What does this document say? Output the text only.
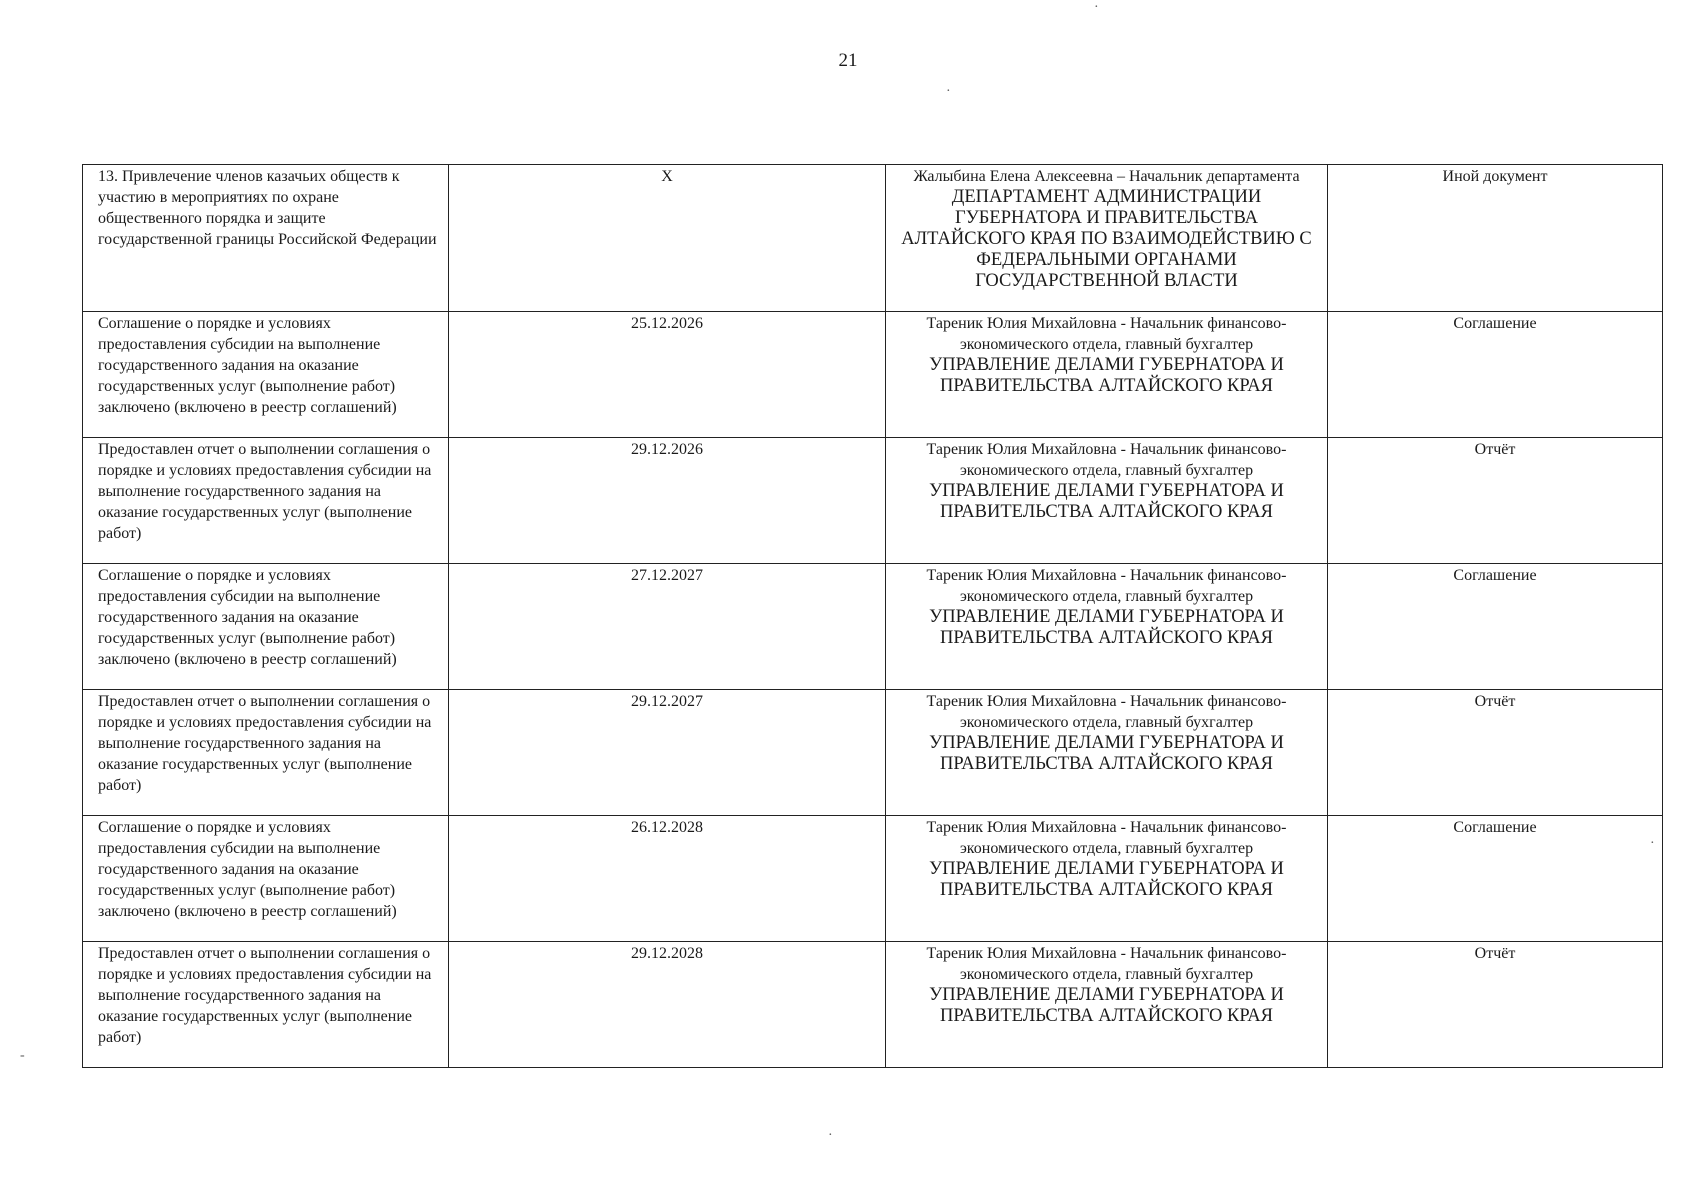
21
13. Привлечение членов казачьих обществ к участию в мероприятиях по охране общественного порядка и защите государственной границы Российской Федерации	X	Жалыбина Елена Алексеевна – Начальник департамента
ДЕПАРТАМЕНТ АДМИНИСТРАЦИИ ГУБЕРНАТОРА И ПРАВИТЕЛЬСТВА АЛТАЙСКОГО КРАЯ ПО ВЗАИМОДЕЙСТВИЮ С ФЕДЕРАЛЬНЫМИ ОРГАНАМИ ГОСУДАРСТВЕННОЙ ВЛАСТИ	Иной документ
Соглашение о порядке и условиях предоставления субсидии на выполнение государственного задания на оказание государственных услуг (выполнение работ) заключено (включено в реестр соглашений)	25.12.2026	Тареник Юлия Михайловна - Начальник финансово-экономического отдела, главный бухгалтер
УПРАВЛЕНИЕ ДЕЛАМИ ГУБЕРНАТОРА И ПРАВИТЕЛЬСТВА АЛТАЙСКОГО КРАЯ	Соглашение
Предоставлен отчет о выполнении соглашения о порядке и условиях предоставления субсидии на выполнение государственного задания на оказание государственных услуг (выполнение работ)	29.12.2026	Тареник Юлия Михайловна - Начальник финансово-экономического отдела, главный бухгалтер
УПРАВЛЕНИЕ ДЕЛАМИ ГУБЕРНАТОРА И ПРАВИТЕЛЬСТВА АЛТАЙСКОГО КРАЯ	Отчёт
Соглашение о порядке и условиях предоставления субсидии на выполнение государственного задания на оказание государственных услуг (выполнение работ) заключено (включено в реестр соглашений)	27.12.2027	Тареник Юлия Михайловна - Начальник финансово-экономического отдела, главный бухгалтер
УПРАВЛЕНИЕ ДЕЛАМИ ГУБЕРНАТОРА И ПРАВИТЕЛЬСТВА АЛТАЙСКОГО КРАЯ	Соглашение
Предоставлен отчет о выполнении соглашения о порядке и условиях предоставления субсидии на выполнение государственного задания на оказание государственных услуг (выполнение работ)	29.12.2027	Тареник Юлия Михайловна - Начальник финансово-экономического отдела, главный бухгалтер
УПРАВЛЕНИЕ ДЕЛАМИ ГУБЕРНАТОРА И ПРАВИТЕЛЬСТВА АЛТАЙСКОГО КРАЯ	Отчёт
Соглашение о порядке и условиях предоставления субсидии на выполнение государственного задания на оказание государственных услуг (выполнение работ) заключено (включено в реестр соглашений)	26.12.2028	Тареник Юлия Михайловна - Начальник финансово-экономического отдела, главный бухгалтер
УПРАВЛЕНИЕ ДЕЛАМИ ГУБЕРНАТОРА И ПРАВИТЕЛЬСТВА АЛТАЙСКОГО КРАЯ	Соглашение
Предоставлен отчет о выполнении соглашения о порядке и условиях предоставления субсидии на выполнение государственного задания на оказание государственных услуг (выполнение работ)	29.12.2028	Тареник Юлия Михайловна - Начальник финансово-экономического отдела, главный бухгалтер
УПРАВЛЕНИЕ ДЕЛАМИ ГУБЕРНАТОРА И ПРАВИТЕЛЬСТВА АЛТАЙСКОГО КРАЯ	Отчёт
·
·
·
-
·
